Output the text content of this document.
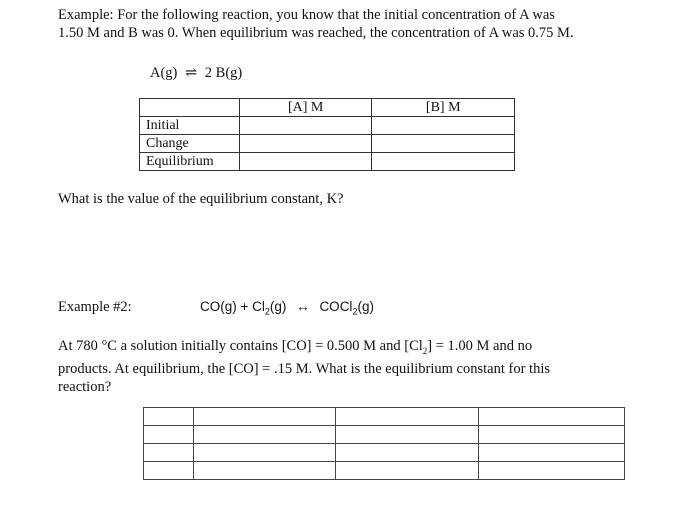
Example: For the following reaction, you know that the initial concentration of A was
1.50 M and B was 0. When equilibrium was reached, the concentration of A was 0.75 M.
A(g) ⇌ 2 B(g)
	[A] M	[B] M
Initial		
Change		
Equilibrium		
What is the value of the equilibrium constant, K?
Example #2:	$CO(g) + Cl_2(g)$ ↔ COCl$_2$(g)
At 780 °C a solution initially contains [CO] = 0.500 M and $[Cl_2] = 1.00$ M and no
products. At equilibrium, the [CO] = .15 M. What is the equilibrium constant for this
reaction?
